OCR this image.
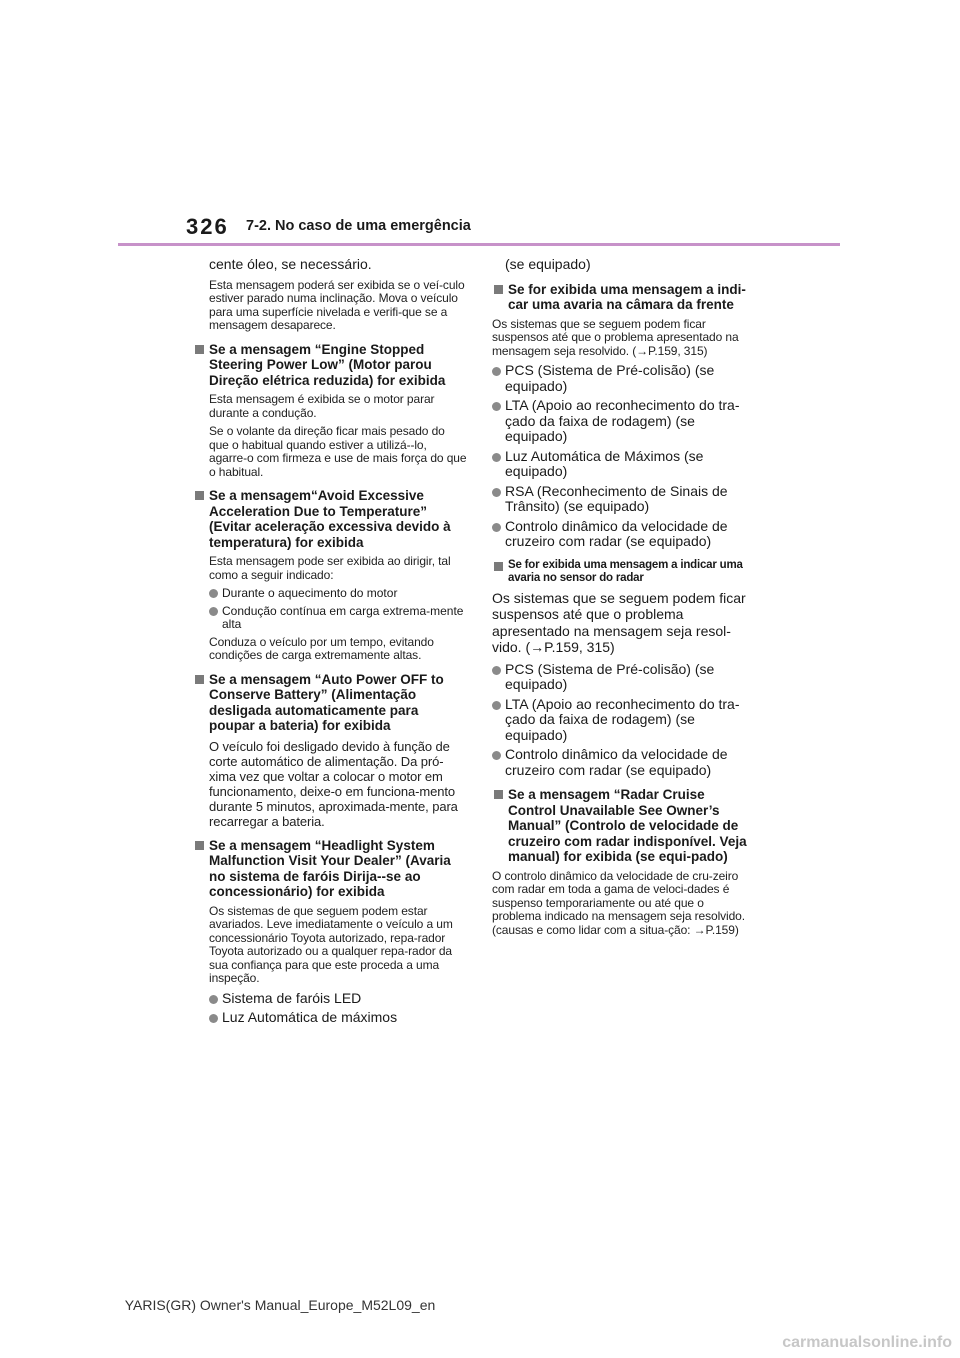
326 7-2. No caso de uma emergência

cente óleo, se necessário.

Esta mensagem poderá ser exibida se o veí-culo estiver parado numa inclinação. Mova o veículo para uma superfície nivelada e verifi-que se a mensagem desaparece.

Se a mensagem “Engine Stopped Steering Power Low” (Motor parou Direção elétrica reduzida) for exibida

Esta mensagem é exibida se o motor parar durante a condução.

Se o volante da direção ficar mais pesado do que o habitual quando estiver a utilizá--lo, agarre-o com firmeza e use de mais força do que o habitual.

Se a mensagem“Avoid Excessive Acceleration Due to Temperature” (Evitar aceleração excessiva devido à temperatura) for exibida

Esta mensagem pode ser exibida ao dirigir, tal como a seguir indicado:

Durante o aquecimento do motor
Condução contínua em carga extrema-mente alta

Conduza o veículo por um tempo, evitando condições de carga extremamente altas.

Se a mensagem “Auto Power OFF to Conserve Battery” (Alimentação desligada automaticamente para poupar a bateria) for exibida

O veículo foi desligado devido à função de corte automático de alimentação. Da pró-xima vez que voltar a colocar o motor em funcionamento, deixe-o em funciona-mento durante 5 minutos, aproximada-mente, para recarregar a bateria.

Se a mensagem “Headlight System Malfunction Visit Your Dealer” (Avaria no sistema de faróis Dirija--se ao concessionário) for exibida

Os sistemas de que seguem podem estar avariados. Leve imediatamente o veículo a um concessionário Toyota autorizado, repa-rador Toyota autorizado ou a qualquer repa-rador da sua confiança para que este proceda a uma inspeção.

Sistema de faróis LED
Luz Automática de máximos

(se equipado)

Se for exibida uma mensagem a indi-car uma avaria na câmara da frente

Os sistemas que se seguem podem ficar suspensos até que o problema apresentado na mensagem seja resolvido. (→P.159, 315)

PCS (Sistema de Pré-colisão) (se equipado)
LTA (Apoio ao reconhecimento do tra-çado da faixa de rodagem) (se equipado)
Luz Automática de Máximos (se equipado)
RSA (Reconhecimento de Sinais de Trânsito) (se equipado)
Controlo dinâmico da velocidade de cruzeiro com radar (se equipado)
Se for exibida uma mensagem a indicar uma avaria no sensor do radar

Os sistemas que se seguem podem ficar suspensos até que o problema apresentado na mensagem seja resol-vido. (→P.159, 315)

PCS (Sistema de Pré-colisão) (se equipado)
LTA (Apoio ao reconhecimento do tra-çado da faixa de rodagem) (se equipado)
Controlo dinâmico da velocidade de cruzeiro com radar (se equipado)
Se a mensagem “Radar Cruise Control Unavailable See Owner’s Manual” (Controlo de velocidade de cruzeiro com radar indisponível. Veja manual) for exibida (se equi-pado)

O controlo dinâmico da velocidade de cru-zeiro com radar em toda a gama de veloci-dades é suspenso temporariamente ou até que o problema indicado na mensagem seja resolvido. (causas e como lidar com a situa-ção: →P.159)

YARIS(GR) Owner's Manual_Europe_M52L09_en
carmanualsonline.info
